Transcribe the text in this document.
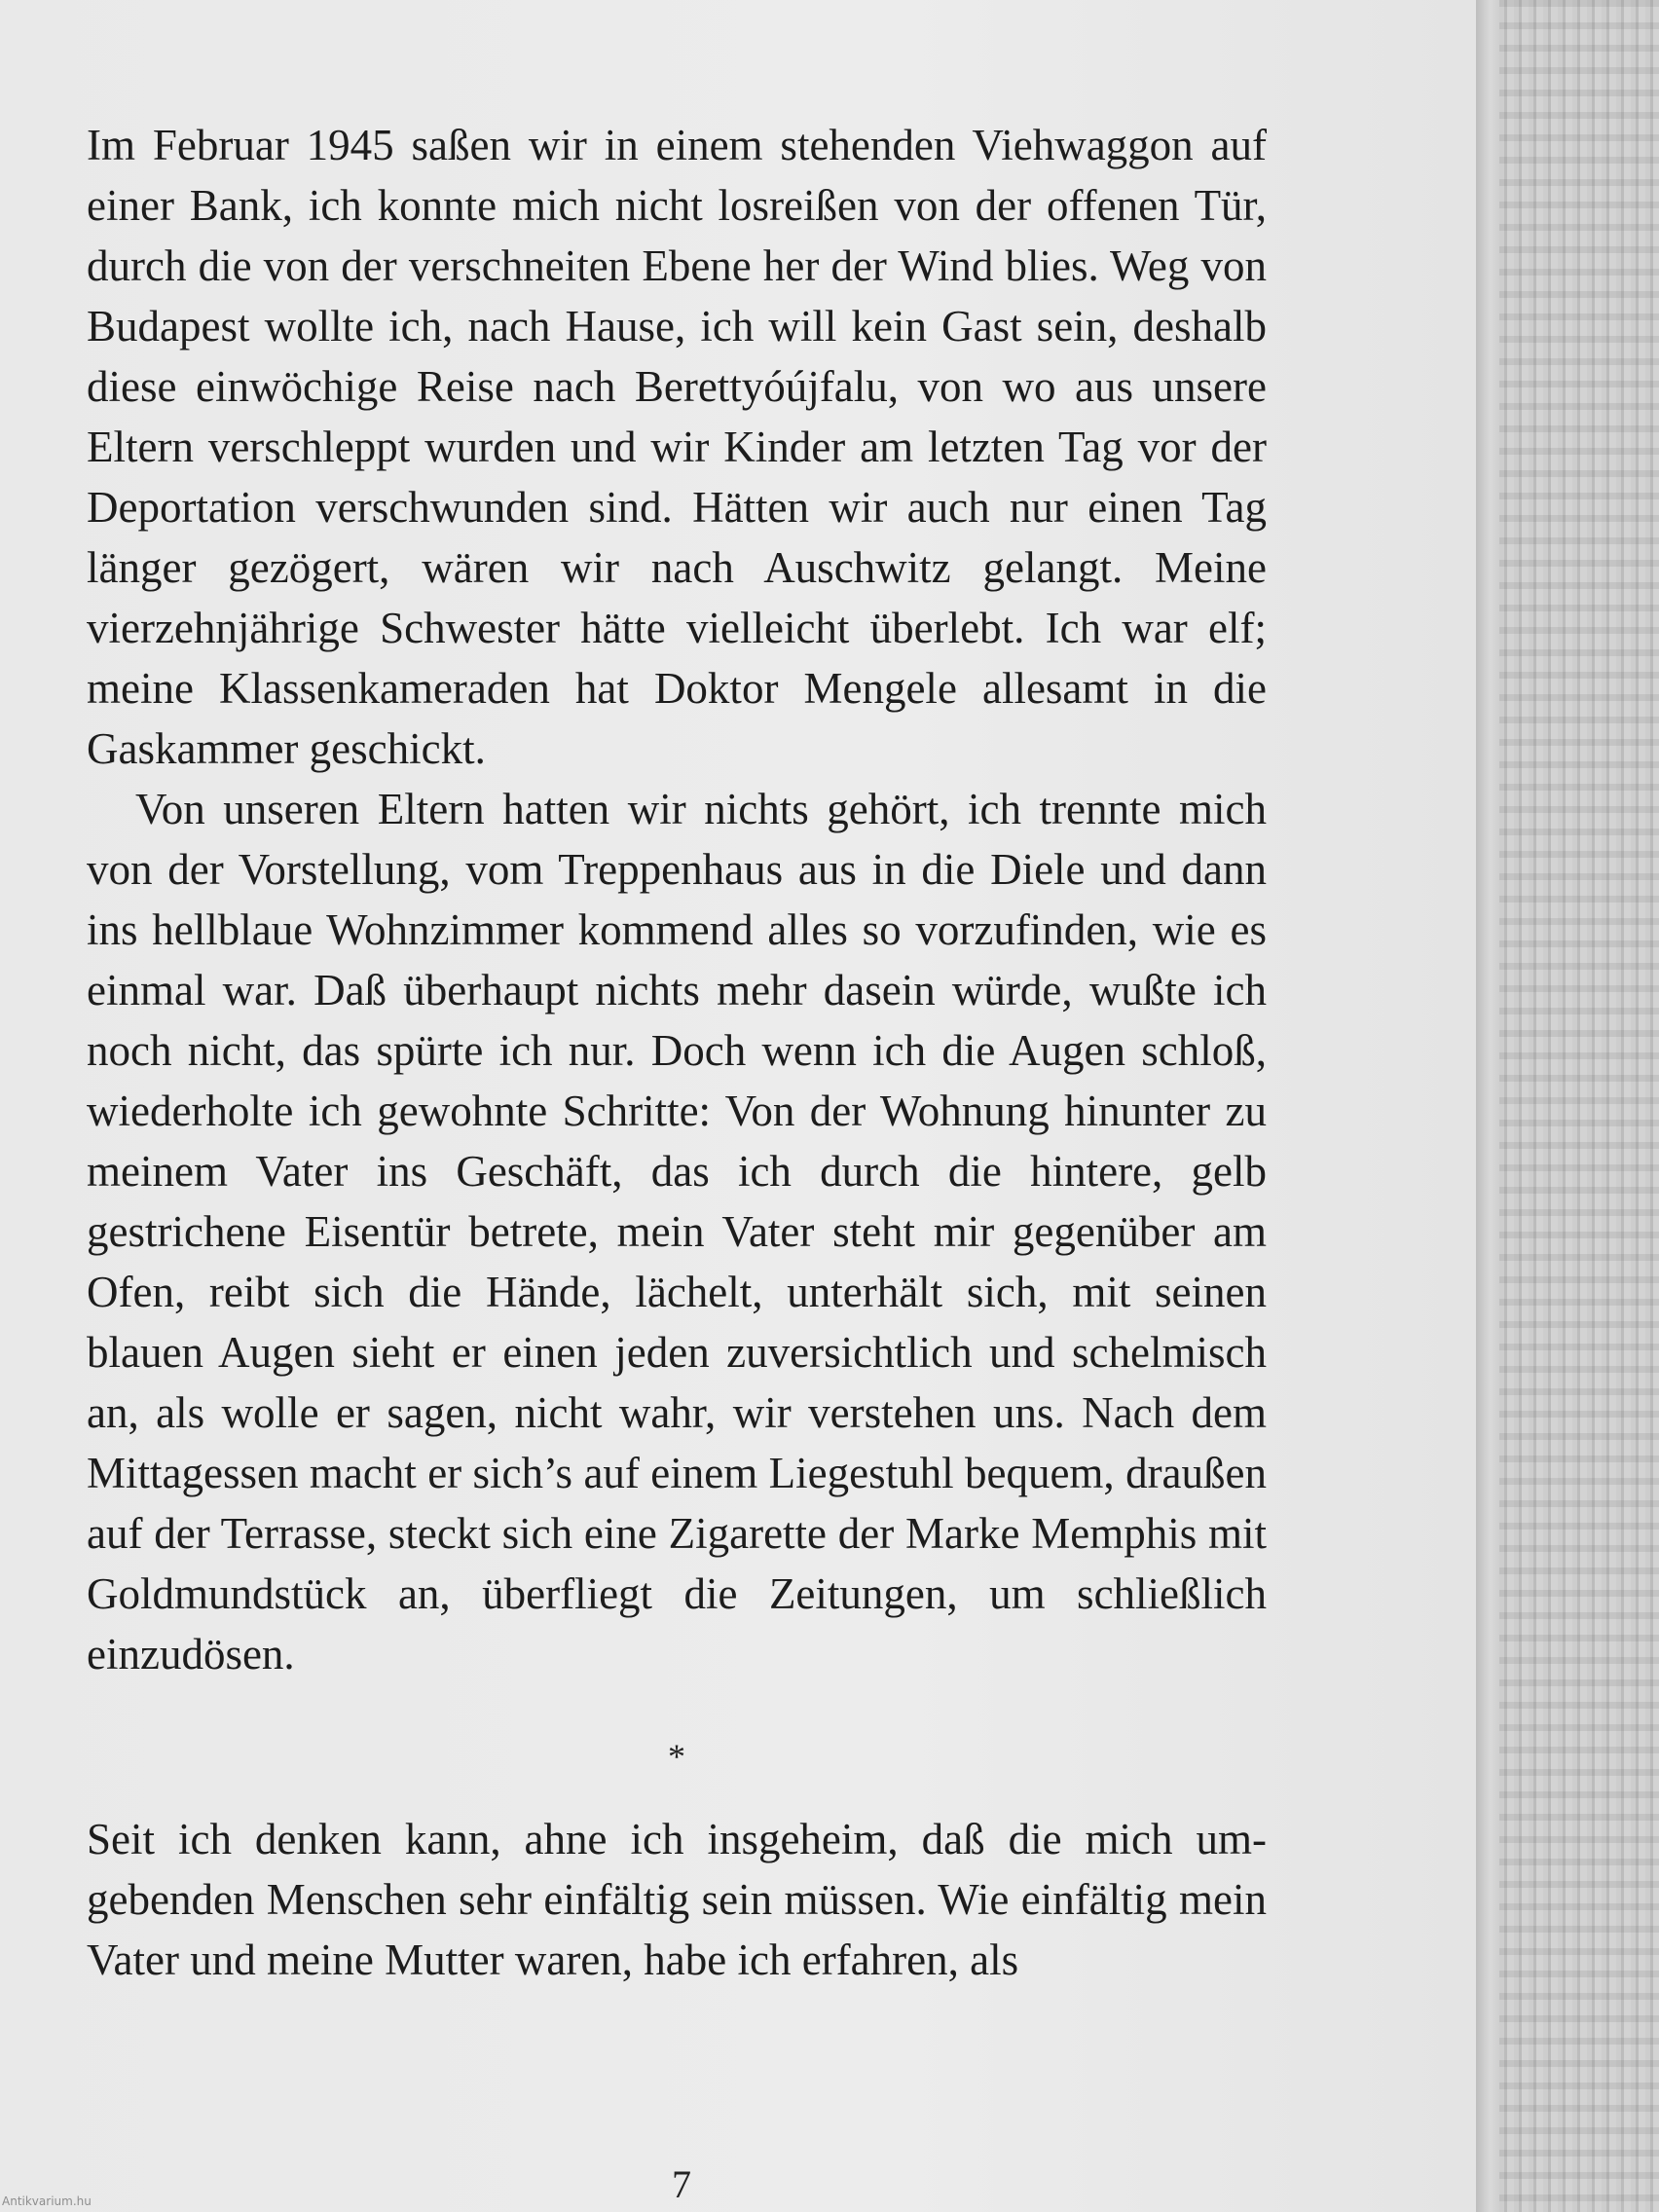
Im Februar 1945 saßen wir in einem stehenden Viehwaggon auf einer Bank, ich konnte mich nicht losreißen von der offenen Tür, durch die von der verschneiten Ebene her der Wind blies. Weg von Budapest wollte ich, nach Hause, ich will kein Gast sein, deshalb diese einwöchige Reise nach Berettyóújfalu, von wo aus unsere Eltern verschleppt wurden und wir Kinder am letzten Tag vor der Deportation verschwunden sind. Hätten wir auch nur einen Tag länger gezögert, wären wir nach Auschwitz gelangt. Meine vierzehnjährige Schwester hätte vielleicht überlebt. Ich war elf; meine Klassenkameraden hat Doktor Mengele allesamt in die Gaskammer geschickt.

Von unseren Eltern hatten wir nichts gehört, ich trennte mich von der Vorstellung, vom Treppenhaus aus in die Diele und dann ins hellblaue Wohnzimmer kommend alles so vorzufinden, wie es einmal war. Daß überhaupt nichts mehr dasein würde, wußte ich noch nicht, das spürte ich nur. Doch wenn ich die Augen schloß, wiederholte ich gewohnte Schritte: Von der Wohnung hinunter zu meinem Vater ins Geschäft, das ich durch die hintere, gelb gestrichene Eisentür betrete, mein Vater steht mir gegenüber am Ofen, reibt sich die Hände, lächelt, unterhält sich, mit seinen blauen Augen sieht er einen jeden zuversichtlich und schelmisch an, als wolle er sagen, nicht wahr, wir verstehen uns. Nach dem Mittagessen macht er sich’s auf einem Liegestuhl bequem, draußen auf der Terrasse, steckt sich eine Zigarette der Marke Memphis mit Goldmundstück an, überfliegt die Zeitungen, um schließlich einzudösen.

*

Seit ich denken kann, ahne ich insgeheim, daß die mich umgebenden Menschen sehr einfältig sein müssen. Wie einfältig mein Vater und meine Mutter waren, habe ich erfahren, als

7
Antikvarium.hu
